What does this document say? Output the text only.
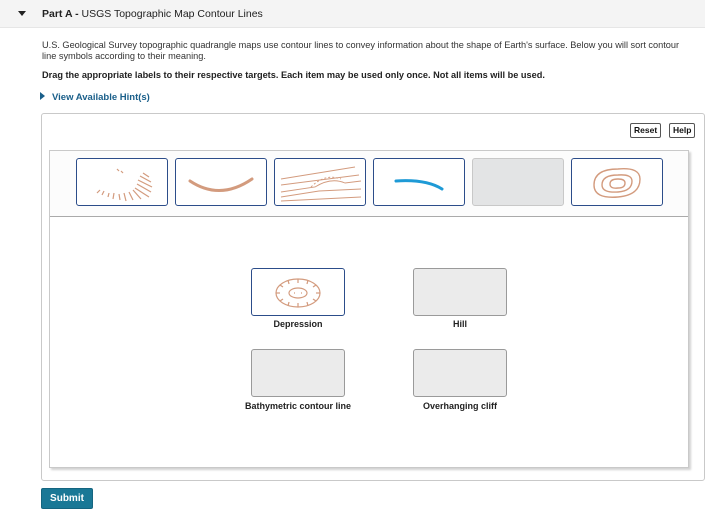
Part A - USGS Topographic Map Contour Lines
U.S. Geological Survey topographic quadrangle maps use contour lines to convey information about the shape of Earth's surface. Below you will sort contour line symbols according to their meaning.
Drag the appropriate labels to their respective targets. Each item may be used only once. Not all items will be used.
View Available Hint(s)
Reset	Help
Depression	Hill
Bathymetric contour line	Overhanging cliff
Submit
